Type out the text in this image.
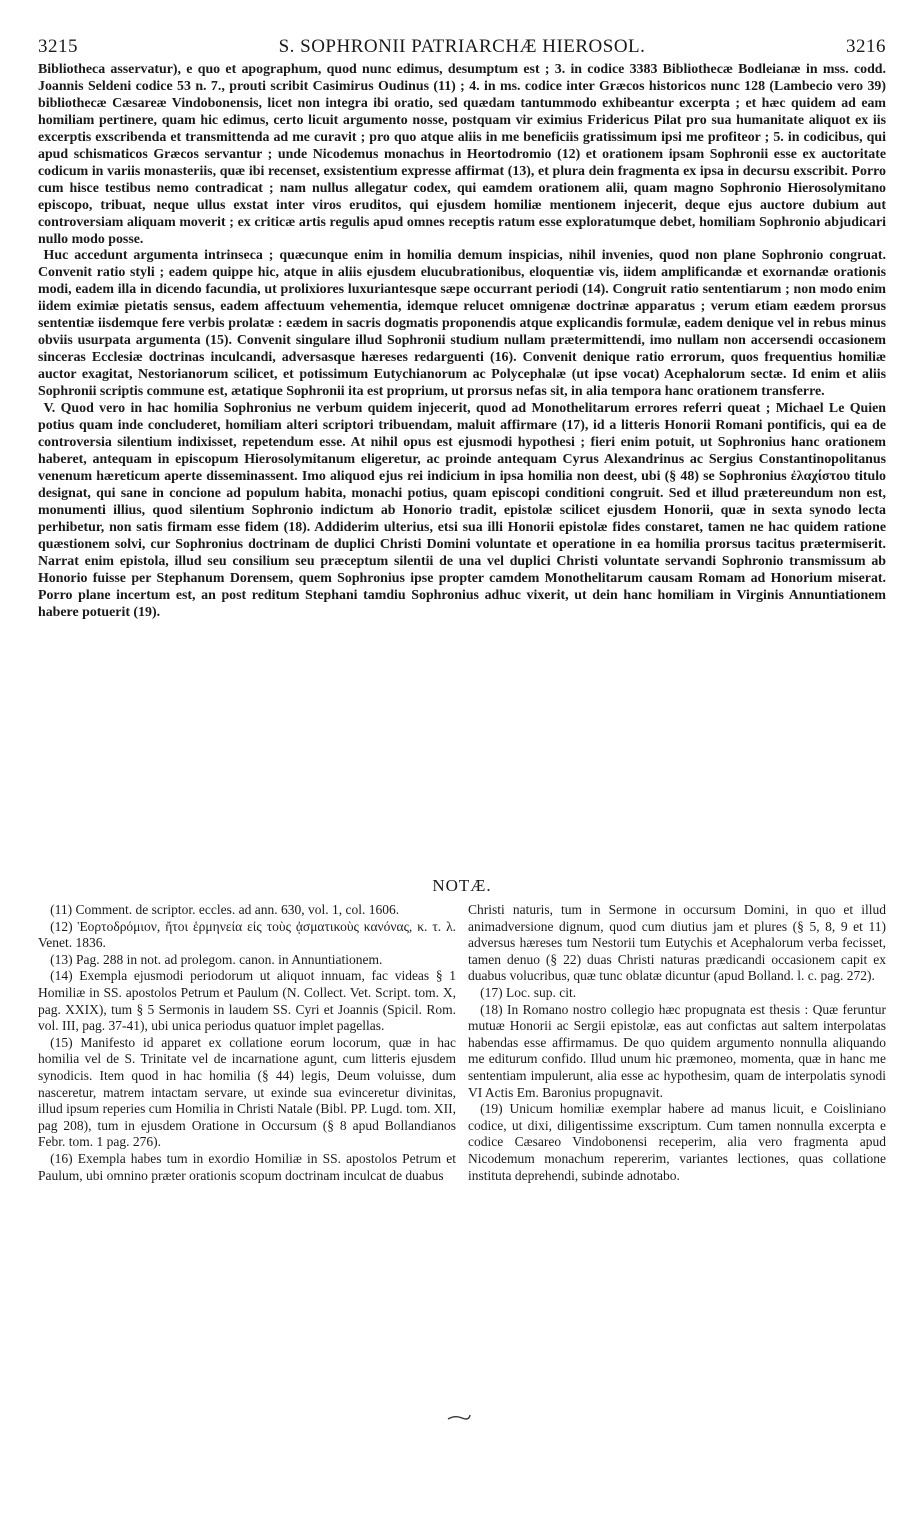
3215	S. SOPHRONII PATRIARCHÆ HIEROSOL.	3216

Bibliotheca asservatur), e quo et apographum, quod nunc edimus, desumptum est ; 3. in codice 3383 Bibliothecæ Bodleianæ in mss. codd. Joannis Seldeni codice 53 n. 7., prouti scribit Casimirus Oudinus (11) ; 4. in ms. codice inter Græcos historicos nunc 128 (Lambecio vero 39) bibliothecæ Cæsareæ Vindobonensis, licet non integra ibi oratio, sed quædam tantummodo exhibeantur excerpta ; et hæc quidem ad eam homiliam pertinere, quam hic edimus, certo licuit argumento nosse, postquam vir eximius Fridericus Pilat pro sua humanitate aliquot ex iis excerptis exscribenda et transmittenda ad me curavit ; pro quo atque aliis in me beneficiis gratissimum ipsi me profiteor ; 5. in codicibus, qui apud schismaticos Græcos servantur ; unde Nicodemus monachus in Heortodromio (12) et orationem ipsam Sophronii esse ex auctoritate codicum in variis monasteriis, quæ ibi recenset, exsistentium expresse affirmat (13), et plura dein fragmenta ex ipsa in decursu exscribit. Porro cum hisce testibus nemo contradicat ; nam nullus allegatur codex, qui eamdem orationem alii, quam magno Sophronio Hierosolymitano episcopo, tribuat, neque ullus exstat inter viros eruditos, qui ejusdem homiliæ mentionem injecerit, deque ejus auctore dubium aut controversiam aliquam moverit ; ex criticæ artis regulis apud omnes receptis ratum esse exploratumque debet, homiliam Sophronio abjudicari nullo modo posse.

Huc accedunt argumenta intrinseca ; quæcunque enim in homilia demum inspicias, nihil invenies, quod non plane Sophronio congruat. Convenit ratio styli ; eadem quippe hic, atque in aliis ejusdem elucubrationibus, eloquentiæ vis, iidem amplificandæ et exornandæ orationis modi, eadem illa in dicendo facundia, ut prolixiores luxuriantesque sæpe occurrant periodi (14). Congruit ratio sententiarum ; non modo enim iidem eximiæ pietatis sensus, eadem affectuum vehementia, idemque relucet omnigenæ doctrinæ apparatus ; verum etiam eædem prorsus sententiæ iisdemque fere verbis prolatæ : eædem in sacris dogmatis proponendis atque explicandis formulæ, eadem denique vel in rebus minus obviis usurpata argumenta (15). Convenit singulare illud Sophronii studium nullam prætermittendi, imo nullam non accersendi occasionem sinceras Ecclesiæ doctrinas inculcandi, adversasque hæreses redarguenti (16). Convenit denique ratio errorum, quos frequentius homiliæ auctor exagitat, Nestorianorum scilicet, et potissimum Eutychianorum ac Polycephalæ (ut ipse vocat) Acephalorum sectæ. Id enim et aliis Sophronii scriptis commune est, ætatique Sophronii ita est proprium, ut prorsus nefas sit, in alia tempora hanc orationem transferre.

V. Quod vero in hac homilia Sophronius ne verbum quidem injecerit, quod ad Monothelitarum errores referri queat ; Michael Le Quien potius quam inde concluderet, homiliam alteri scriptori tribuendam, maluit affirmare (17), id a litteris Honorii Romani pontificis, qui ea de controversia silentium indixisset, repetendum esse. At nihil opus est ejusmodi hypothesi ; fieri enim potuit, ut Sophronius hanc orationem haberet, antequam in episcopum Hierosolymitanum eligeretur, ac proinde antequam Cyrus Alexandrinus ac Sergius Constantinopolitanus venenum hæreticum aperte disseminassent. Imo aliquod ejus rei indicium in ipsa homilia non deest, ubi (§ 48) se Sophronius ἐλαχίστου titulo designat, qui sane in concione ad populum habita, monachi potius, quam episcopi conditioni congruit. Sed et illud prætereundum non est, monumenti illius, quod silentium Sophronio indictum ab Honorio tradit, epistolæ scilicet ejusdem Honorii, quæ in sexta synodo lecta perhibetur, non satis firmam esse fidem (18). Addiderim ulterius, etsi sua illi Honorii epistolæ fides constaret, tamen ne hac quidem ratione quæstionem solvi, cur Sophronius doctrinam de duplici Christi Domini voluntate et operatione in ea homilia prorsus tacitus prætermiserit. Narrat enim epistola, illud seu consilium seu præceptum silentii de una vel duplici Christi voluntate servandi Sophronio transmissum ab Honorio fuisse per Stephanum Dorensem, quem Sophronius ipse propter camdem Monothelitarum causam Romam ad Honorium miserat. Porro plane incertum est, an post reditum Stephani tamdiu Sophronius adhuc vixerit, ut dein hanc homiliam in Virginis Annuntiationem habere potuerit (19).

NOTÆ.

(11) Comment. de scriptor. eccles. ad ann. 630, vol. 1, col. 1606.

(12) Ἑορτοδρόμιον, ἤτοι ἑρμηνεία εἰς τοὺς ᾀσματικοὺς κανόνας, κ. τ. λ. Venet. 1836.

(13) Pag. 288 in not. ad prolegom. canon. in Annuntiationem.

(14) Exempla ejusmodi periodorum ut aliquot innuam, fac videas § 1 Homiliæ in SS. apostolos Petrum et Paulum (N. Collect. Vet. Script. tom. X, pag. XXIX), tum § 5 Sermonis in laudem SS. Cyri et Joannis (Spicil. Rom. vol. III, pag. 37-41), ubi unica periodus quatuor implet pagellas.

(15) Manifesto id apparet ex collatione eorum locorum, quæ in hac homilia vel de S. Trinitate vel de incarnatione agunt, cum litteris ejusdem synodicis. Item quod in hac homilia (§ 44) legis, Deum voluisse, dum nasceretur, matrem intactam servare, ut exinde sua evinceretur divinitas, illud ipsum reperies cum Homilia in Christi Natale (Bibl. PP. Lugd. tom. XII, pag 208), tum in ejusdem Oratione in Occursum (§ 8 apud Bollandianos Febr. tom. 1 pag. 276).

(16) Exempla habes tum in exordio Homiliæ in SS. apostolos Petrum et Paulum, ubi omnino præter orationis scopum doctrinam inculcat de duabus

Christi naturis, tum in Sermone in occursum Domini, in quo et illud animadversione dignum, quod cum diutius jam et plures (§ 5, 8, 9 et 11) adversus hæreses tum Nestorii tum Eutychis et Acephalorum verba fecisset, tamen denuo (§ 22) duas Christi naturas prædicandi occasionem capit ex duabus volucribus, quæ tunc oblatæ dicuntur (apud Bolland. l. c. pag. 272).

(17) Loc. sup. cit.

(18) In Romano nostro collegio hæc propugnata est thesis : Quæ feruntur mutuæ Honorii ac Sergii epistolæ, eas aut confictas aut saltem interpolatas habendas esse affirmamus. De quo quidem argumento nonnulla aliquando me editurum confido. Illud unum hic præmoneo, momenta, quæ in hanc me sententiam impulerunt, alia esse ac hypothesim, quam de interpolatis synodi VI Actis Em. Baronius propugnavit.

(19) Unicum homiliæ exemplar habere ad manus licuit, e Coisliniano codice, ut dixi, diligentissime exscriptum. Cum tamen nonnulla excerpta e codice Cæsareo Vindobonensi receperim, alia vero fragmenta apud Nicodemum monachum repererim, variantes lectiones, quas collatione instituta deprehendi, subinde adnotabo.
